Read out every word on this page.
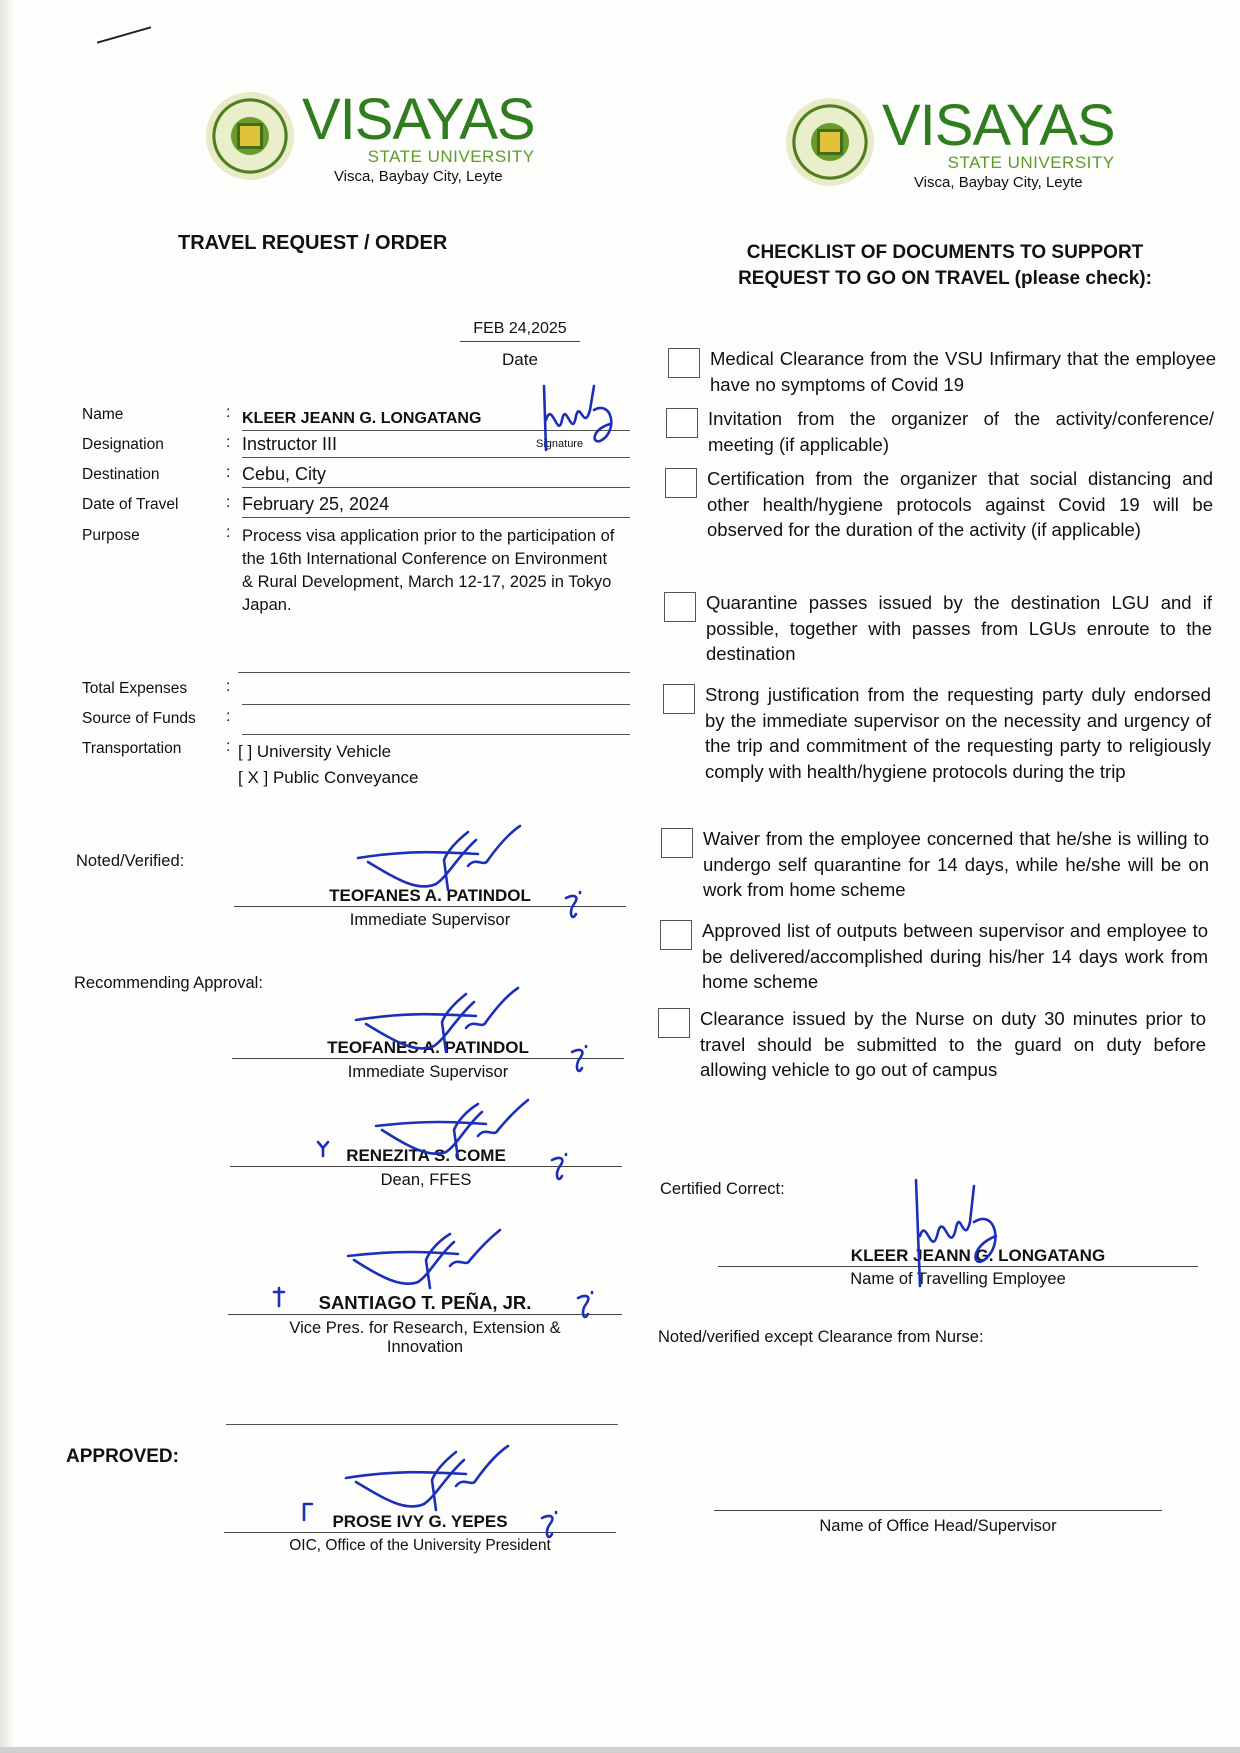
VISAYAS
STATE UNIVERSITY
Visca, Baybay City, Leyte
VISAYAS
STATE UNIVERSITY
Visca, Baybay City, Leyte
TRAVEL REQUEST / ORDER	CHECKLIST OF DOCUMENTS TO SUPPORT
REQUEST TO GO ON TRAVEL (please check):
FEB 24,2025
Date
Name	: KLEER JEANN G. LONGATANG
Designation	: Instructor III	Signature
Destination	: Cebu, City
Date of Travel	: February 25, 2024
Purpose	: Process visa application prior to the participation of the 16th International Conference on Environment & Rural Development, March 12-17, 2025 in Tokyo Japan.
Total Expenses :
Source of Funds :
Transportation	: [ ] University Vehicle
[ X ] Public Conveyance
Noted/Verified:
TEOFANES A. PATINDOL
Immediate Supervisor
Recommending Approval:
TEOFANES A. PATINDOL
Immediate Supervisor
RENEZITA S. COME
Dean, FFES
SANTIAGO T. PEÑA, JR.
Vice Pres. for Research, Extension & Innovation
APPROVED:
PROSE IVY G. YEPES
OIC, Office of the University President
Medical Clearance from the VSU Infirmary that the employee have no symptoms of Covid 19
Invitation from the organizer of the activity/conference/ meeting (if applicable)
Certification from the organizer that social distancing and other health/hygiene protocols against Covid 19 will be observed for the duration of the activity (if applicable)
Quarantine passes issued by the destination LGU and if possible, together with passes from LGUs enroute to the destination
Strong justification from the requesting party duly endorsed by the immediate supervisor on the necessity and urgency of the trip and commitment of the requesting party to religiously comply with health/hygiene protocols during the trip
Waiver from the employee concerned that he/she is willing to undergo self quarantine for 14 days, while he/she will be on work from home scheme
Approved list of outputs between supervisor and employee to be delivered/accomplished during his/her 14 days work from home scheme
Clearance issued by the Nurse on duty 30 minutes prior to travel should be submitted to the guard on duty before allowing vehicle to go out of campus
Certified Correct:
KLEER JEANN G. LONGATANG
Name of Travelling Employee
Noted/verified except Clearance from Nurse:
Name of Office Head/Supervisor
